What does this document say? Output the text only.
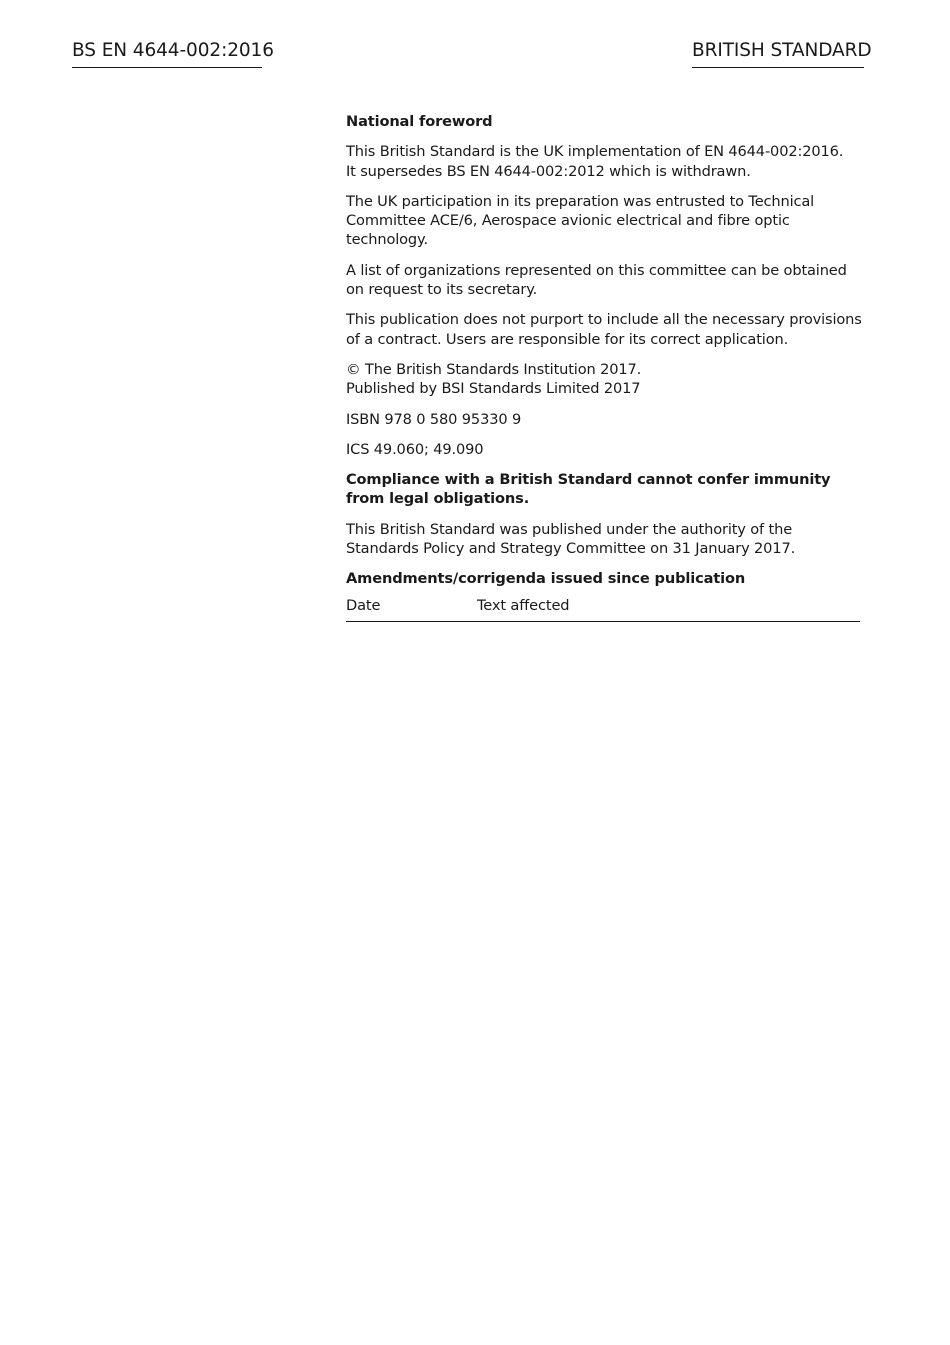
BS EN 4644-002:2016	BRITISH STANDARD

National foreword

This British Standard is the UK implementation of EN 4644-002:2016.
It supersedes BS EN 4644-002:2012 which is withdrawn.

The UK participation in its preparation was entrusted to Technical Committee ACE/6, Aerospace avionic electrical and fibre optic technology.

A list of organizations represented on this committee can be obtained on request to its secretary.

This publication does not purport to include all the necessary provisions of a contract. Users are responsible for its correct application.

© The British Standards Institution 2017.
Published by BSI Standards Limited 2017

ISBN 978 0 580 95330 9

ICS 49.060; 49.090

Compliance with a British Standard cannot confer immunity from legal obligations.

This British Standard was published under the authority of the Standards Policy and Strategy Committee on 31 January 2017.

Amendments/corrigenda issued since publication

Date	Text affected
